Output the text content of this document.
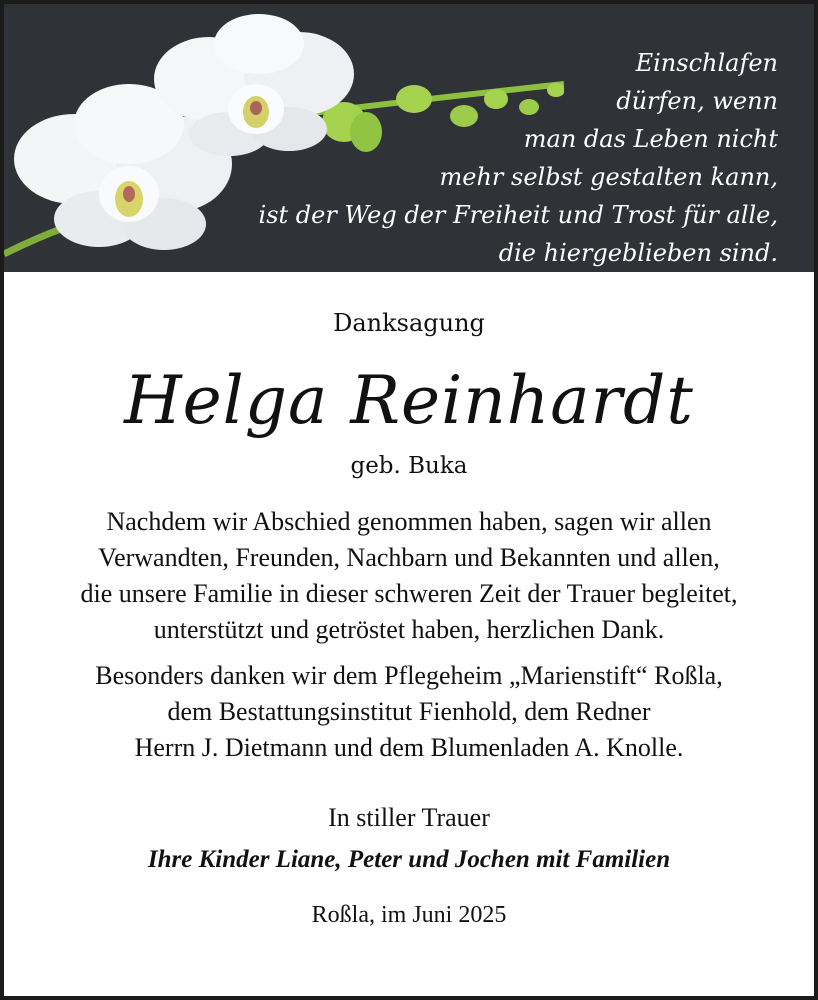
Einschlafen
dürfen, wenn
man das Leben nicht
mehr selbst gestalten kann,
ist der Weg der Freiheit und Trost für alle,
die hiergeblieben sind.
Danksagung
Helga Reinhardt
geb. Buka
Nachdem wir Abschied genommen haben, sagen wir allen
Verwandten, Freunden, Nachbarn und Bekannten und allen,
die unsere Familie in dieser schweren Zeit der Trauer begleitet,
unterstützt und getröstet haben, herzlichen Dank.
Besonders danken wir dem Pflegeheim „Marienstift“ Roßla,
dem Bestattungsinstitut Fienhold, dem Redner
Herrn J. Dietmann und dem Blumenladen A. Knolle.
In stiller Trauer
Ihre Kinder Liane, Peter und Jochen mit Familien
Roßla, im Juni 2025
